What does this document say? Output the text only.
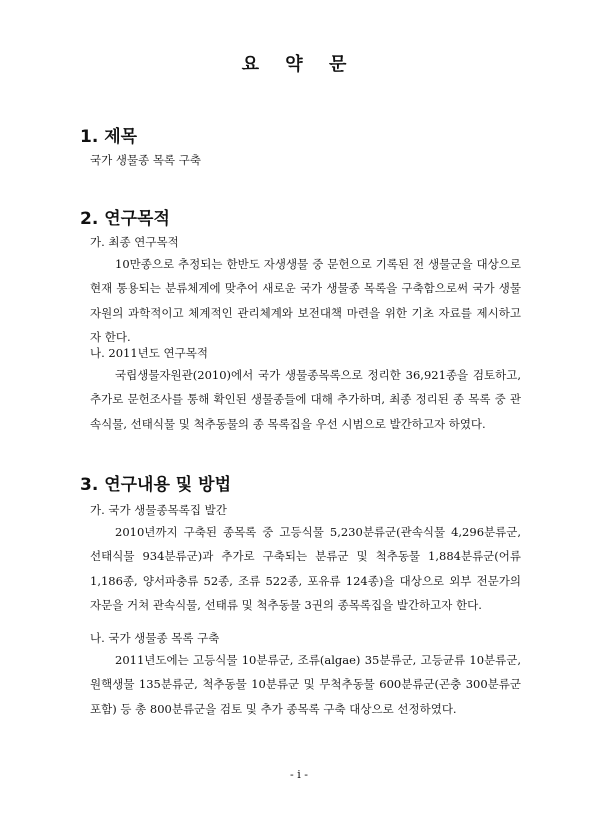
요 약 문
1. 제목
국가 생물종 목록 구축
2. 연구목적
가. 최종 연구목적
10만종으로 추정되는 한반도 자생생물 중 문헌으로 기록된 전 생물군을 대상으로 현재 통용되는 분류체계에 맞추어 새로운 국가 생물종 목록을 구축함으로써 국가 생물자원의 과학적이고 체계적인 관리체계와 보전대책 마련을 위한 기초 자료를 제시하고자 한다.
나. 2011년도 연구목적
국립생물자원관(2010)에서 국가 생물종목록으로 정리한 36,921종을 검토하고, 추가로 문헌조사를 통해 확인된 생물종들에 대해 추가하며, 최종 정리된 종 목록 중 관속식물, 선태식물 및 척추동물의 종 목록집을 우선 시범으로 발간하고자 하였다.
3. 연구내용 및 방법
가. 국가 생물종목록집 발간
2010년까지 구축된 종목록 중 고등식물 5,230분류군(관속식물 4,296분류군, 선태식물 934분류군)과 추가로 구축되는 분류군 및 척추동물 1,884분류군(어류 1,186종, 양서파충류 52종, 조류 522종, 포유류 124종)을 대상으로 외부 전문가의 자문을 거쳐 관속식물, 선태류 및 척추동물 3권의 종목록집을 발간하고자 한다.
나. 국가 생물종 목록 구축
2011년도에는 고등식물 10분류군, 조류(algae) 35분류군, 고등균류 10분류군, 원핵생물 135분류군, 척추동물 10분류군 및 무척추동물 600분류군(곤충 300분류군 포함) 등 총 800분류군을 검토 및 추가 종목록 구축 대상으로 선정하였다.
- i -
